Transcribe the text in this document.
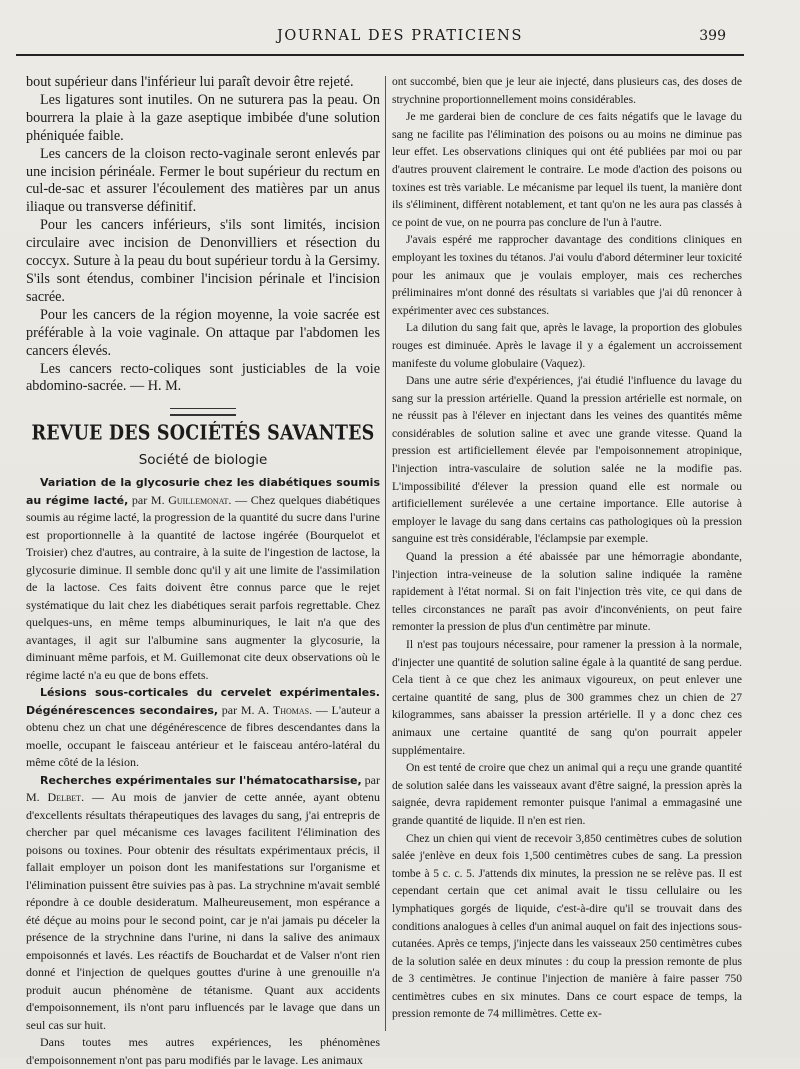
JOURNAL DES PRATICIENS	399

bout supérieur dans l'inférieur lui paraît devoir être rejeté.

Les ligatures sont inutiles. On ne suturera pas la peau. On bourrera la plaie à la gaze aseptique imbibée d'une solution phéniquée faible.

Les cancers de la cloison recto-vaginale seront enlevés par une incision périnéale. Fermer le bout supérieur du rectum en cul-de-sac et assurer l'écoulement des matières par un anus iliaque ou transverse définitif.

Pour les cancers inférieurs, s'ils sont limités, incision circulaire avec incision de Denonvilliers et résection du coccyx. Suture à la peau du bout supérieur tordu à la Gersimy. S'ils sont étendus, combiner l'incision périnale et l'incision sacrée.

Pour les cancers de la région moyenne, la voie sacrée est préférable à la voie vaginale. On attaque par l'abdomen les cancers élevés.

Les cancers recto-coliques sont justiciables de la voie abdomino-sacrée. — H. M.

REVUE DES SOCIÉTÉS SAVANTES
Société de biologie

Variation de la glycosurie chez les diabétiques soumis au régime lacté, par M. Guillemonat. — Chez quelques diabétiques soumis au régime lacté, la progression de la quantité du sucre dans l'urine est proportionnelle à la quantité de lactose ingérée (Bourquelot et Troisier) chez d'autres, au contraire, à la suite de l'ingestion de lactose, la glycosurie diminue. Il semble donc qu'il y ait une limite de l'assimilation de la lactose. Ces faits doivent être connus parce que le rejet systématique du lait chez les diabétiques serait parfois regrettable. Chez quelques-uns, en même temps albuminuriques, le lait n'a que des avantages, il agit sur l'albumine sans augmenter la glycosurie, la diminuant même parfois, et M. Guillemonat cite deux observations où le régime lacté n'a eu que de bons effets.

Lésions sous-corticales du cervelet expérimentales. Dégénérescences secondaires, par M. A. Thomas. — L'auteur a obtenu chez un chat une dégénérescence de fibres descendantes dans la moelle, occupant le faisceau antérieur et le faisceau antéro-latéral du même côté de la lésion.

Recherches expérimentales sur l'hématocatharsise, par M. Delbet. — Au mois de janvier de cette année, ayant obtenu d'excellents résultats thérapeutiques des lavages du sang, j'ai entrepris de chercher par quel mécanisme ces lavages facilitent l'élimination des poisons ou toxines. Pour obtenir des résultats expérimentaux précis, il fallait employer un poison dont les manifestations sur l'organisme et l'élimination puissent être suivies pas à pas. La strychnine m'avait semblé répondre à ce double desideratum. Malheureusement, mon espérance a été déçue au moins pour le second point, car je n'ai jamais pu déceler la présence de la strychnine dans l'urine, ni dans la salive des animaux empoisonnés et lavés. Les réactifs de Bouchardat et de Valser n'ont rien donné et l'injection de quelques gouttes d'urine à une grenouille n'a produit aucun phénomène de tétanisme. Quant aux accidents d'empoisonnement, ils n'ont paru influencés par le lavage que dans un seul cas sur huit.

Dans toutes mes autres expériences, les phénomènes d'empoisonnement n'ont pas paru modifiés par le lavage. Les animaux

ont succombé, bien que je leur aie injecté, dans plusieurs cas, des doses de strychnine proportionnellement moins considérables.

Je me garderai bien de conclure de ces faits négatifs que le lavage du sang ne facilite pas l'élimination des poisons ou au moins ne diminue pas leur effet. Les observations cliniques qui ont été publiées par moi ou par d'autres prouvent clairement le contraire. Le mode d'action des poisons ou toxines est très variable. Le mécanisme par lequel ils tuent, la manière dont ils s'éliminent, diffèrent notablement, et tant qu'on ne les aura pas classés à ce point de vue, on ne pourra pas conclure de l'un à l'autre.

J'avais espéré me rapprocher davantage des conditions cliniques en employant les toxines du tétanos. J'ai voulu d'abord déterminer leur toxicité pour les animaux que je voulais employer, mais ces recherches préliminaires m'ont donné des résultats si variables que j'ai dû renoncer à expérimenter avec ces substances.

La dilution du sang fait que, après le lavage, la proportion des globules rouges est diminuée. Après le lavage il y a également un accroissement manifeste du volume globulaire (Vaquez).

Dans une autre série d'expériences, j'ai étudié l'influence du lavage du sang sur la pression artérielle. Quand la pression artérielle est normale, on ne réussit pas à l'élever en injectant dans les veines des quantités même considérables de solution saline et avec une grande vitesse. Quand la pression est artificiellement élevée par l'empoisonnement atropinique, l'injection intra-vasculaire de solution salée ne la modifie pas. L'impossibilité d'élever la pression quand elle est normale ou artificiellement surélevée a une certaine importance. Elle autorise à employer le lavage du sang dans certains cas pathologiques où la pression sanguine est très considérable, l'éclampsie par exemple.

Quand la pression a été abaissée par une hémorragie abondante, l'injection intra-veineuse de la solution saline indiquée la ramène rapidement à l'état normal. Si on fait l'injection très vite, ce qui dans de telles circonstances ne paraît pas avoir d'inconvénients, on peut faire remonter la pression de plus d'un centimètre par minute.

Il n'est pas toujours nécessaire, pour ramener la pression à la normale, d'injecter une quantité de solution saline égale à la quantité de sang perdue. Cela tient à ce que chez les animaux vigoureux, on peut enlever une certaine quantité de sang, plus de 300 grammes chez un chien de 27 kilogrammes, sans abaisser la pression artérielle. Il y a donc chez ces animaux une certaine quantité de sang qu'on pourrait appeler supplémentaire.

On est tenté de croire que chez un animal qui a reçu une grande quantité de solution salée dans les vaisseaux avant d'être saigné, la pression après la saignée, devra rapidement remonter puisque l'animal a emmagasiné une grande quantité de liquide. Il n'en est rien.

Chez un chien qui vient de recevoir 3,850 centimètres cubes de solution salée j'enlève en deux fois 1,500 centimètres cubes de sang. La pression tombe à 5 c. c. 5. J'attends dix minutes, la pression ne se relève pas. Il est cependant certain que cet animal avait le tissu cellulaire ou les lymphatiques gorgés de liquide, c'est-à-dire qu'il se trouvait dans des conditions analogues à celles d'un animal auquel on fait des injections sous-cutanées. Après ce temps, j'injecte dans les vaisseaux 250 centimètres cubes de la solution salée en deux minutes : du coup la pression remonte de plus de 3 centimètres. Je continue l'injection de manière à faire passer 750 centimètres cubes en six minutes. Dans ce court espace de temps, la pression remonte de 74 millimètres. Cette ex-
